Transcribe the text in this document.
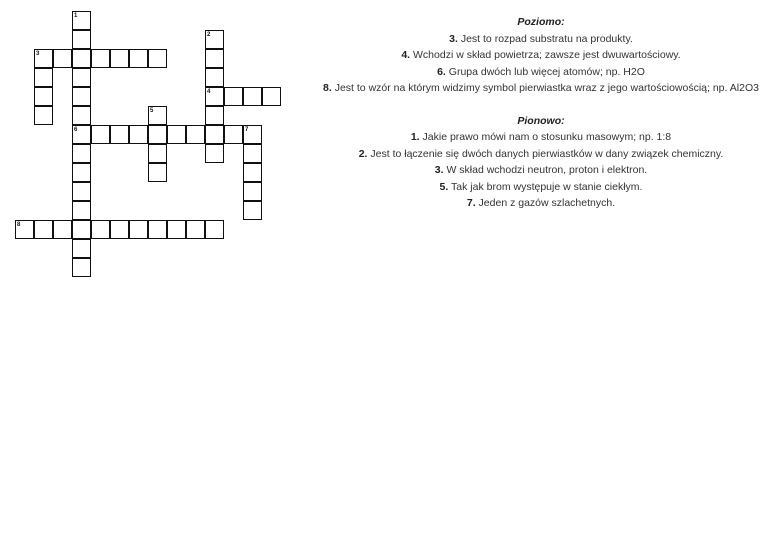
1
6
2
4
3
5
7
8

Poziomo:

3. Jest to rozpad substratu na produkty.

4. Wchodzi w skład powietrza; zawsze jest dwuwartościowy.

6. Grupa dwóch lub więcej atomów; np. H2O

8. Jest to wzór na którym widzimy symbol pierwiastka wraz z jego wartościowością; np. Al2O3

Pionowo:

1. Jakie prawo mówi nam o stosunku masowym; np. 1:8

2. Jest to łączenie się dwóch danych pierwiastków w dany związek chemiczny.

3. W skład wchodzi neutron, proton i elektron.

5. Tak jak brom występuje w stanie ciekłym.

7. Jeden z gazów szlachetnych.
